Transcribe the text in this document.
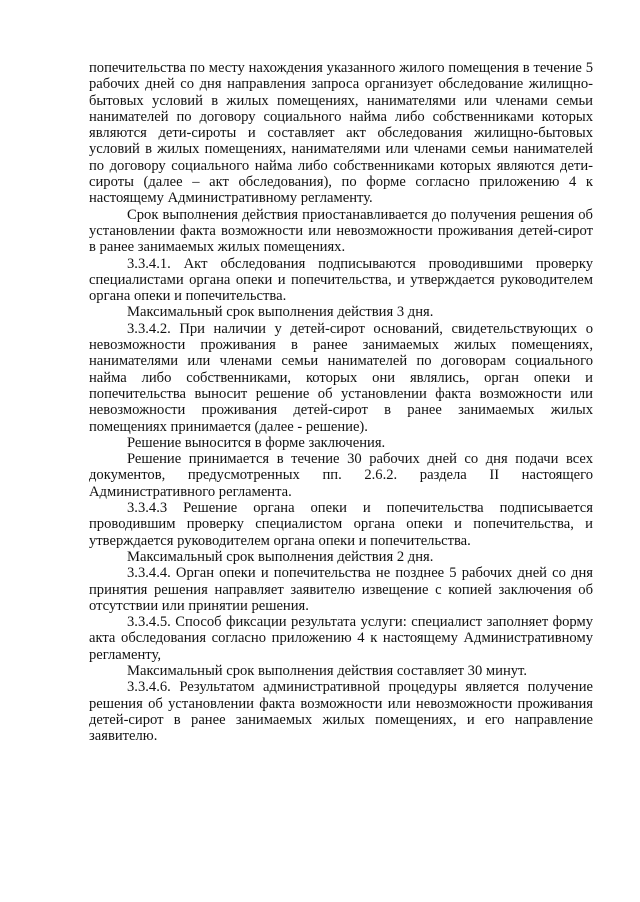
попечительства по месту нахождения указанного жилого помещения в течение 5 рабочих дней со дня направления запроса организует обследование жилищно-бытовых условий в жилых помещениях, нанимателями или членами семьи нанимателей по договору социального найма либо собственниками которых являются дети-сироты и составляет акт обследования жилищно-бытовых условий в жилых помещениях, нанимателями или членами семьи нанимателей по договору социального найма либо собственниками которых являются дети-сироты (далее – акт обследования), по форме согласно приложению 4 к настоящему Административному регламенту.

Срок выполнения действия приостанавливается до получения решения об установлении факта возможности или невозможности проживания детей-сирот в ранее занимаемых жилых помещениях.

3.3.4.1. Акт обследования подписываются проводившими проверку специалистами органа опеки и попечительства, и утверждается руководителем органа опеки и попечительства.

Максимальный срок выполнения действия 3 дня.

3.3.4.2. При наличии у детей-сирот оснований, свидетельствующих о невозможности проживания в ранее занимаемых жилых помещениях, нанимателями или членами семьи нанимателей по договорам социального найма либо собственниками, которых они являлись, орган опеки и попечительства выносит решение об установлении факта возможности или невозможности проживания детей-сирот в ранее занимаемых жилых помещениях принимается (далее - решение).

Решение выносится в форме заключения.

Решение принимается в течение 30 рабочих дней со дня подачи всех документов, предусмотренных пп. 2.6.2. раздела II настоящего Административного регламента.

3.3.4.3 Решение органа опеки и попечительства подписывается проводившим проверку специалистом органа опеки и попечительства, и утверждается руководителем органа опеки и попечительства.

Максимальный срок выполнения действия 2 дня.

3.3.4.4. Орган опеки и попечительства не позднее 5 рабочих дней со дня принятия решения направляет заявителю извещение с копией заключения об отсутствии или принятии решения.

3.3.4.5. Способ фиксации результата услуги: специалист заполняет форму акта обследования согласно приложению 4 к настоящему Административному регламенту,

Максимальный срок выполнения действия составляет 30 минут.

3.3.4.6. Результатом административной процедуры является получение решения об установлении факта возможности или невозможности проживания детей-сирот в ранее занимаемых жилых помещениях, и его направление заявителю.
